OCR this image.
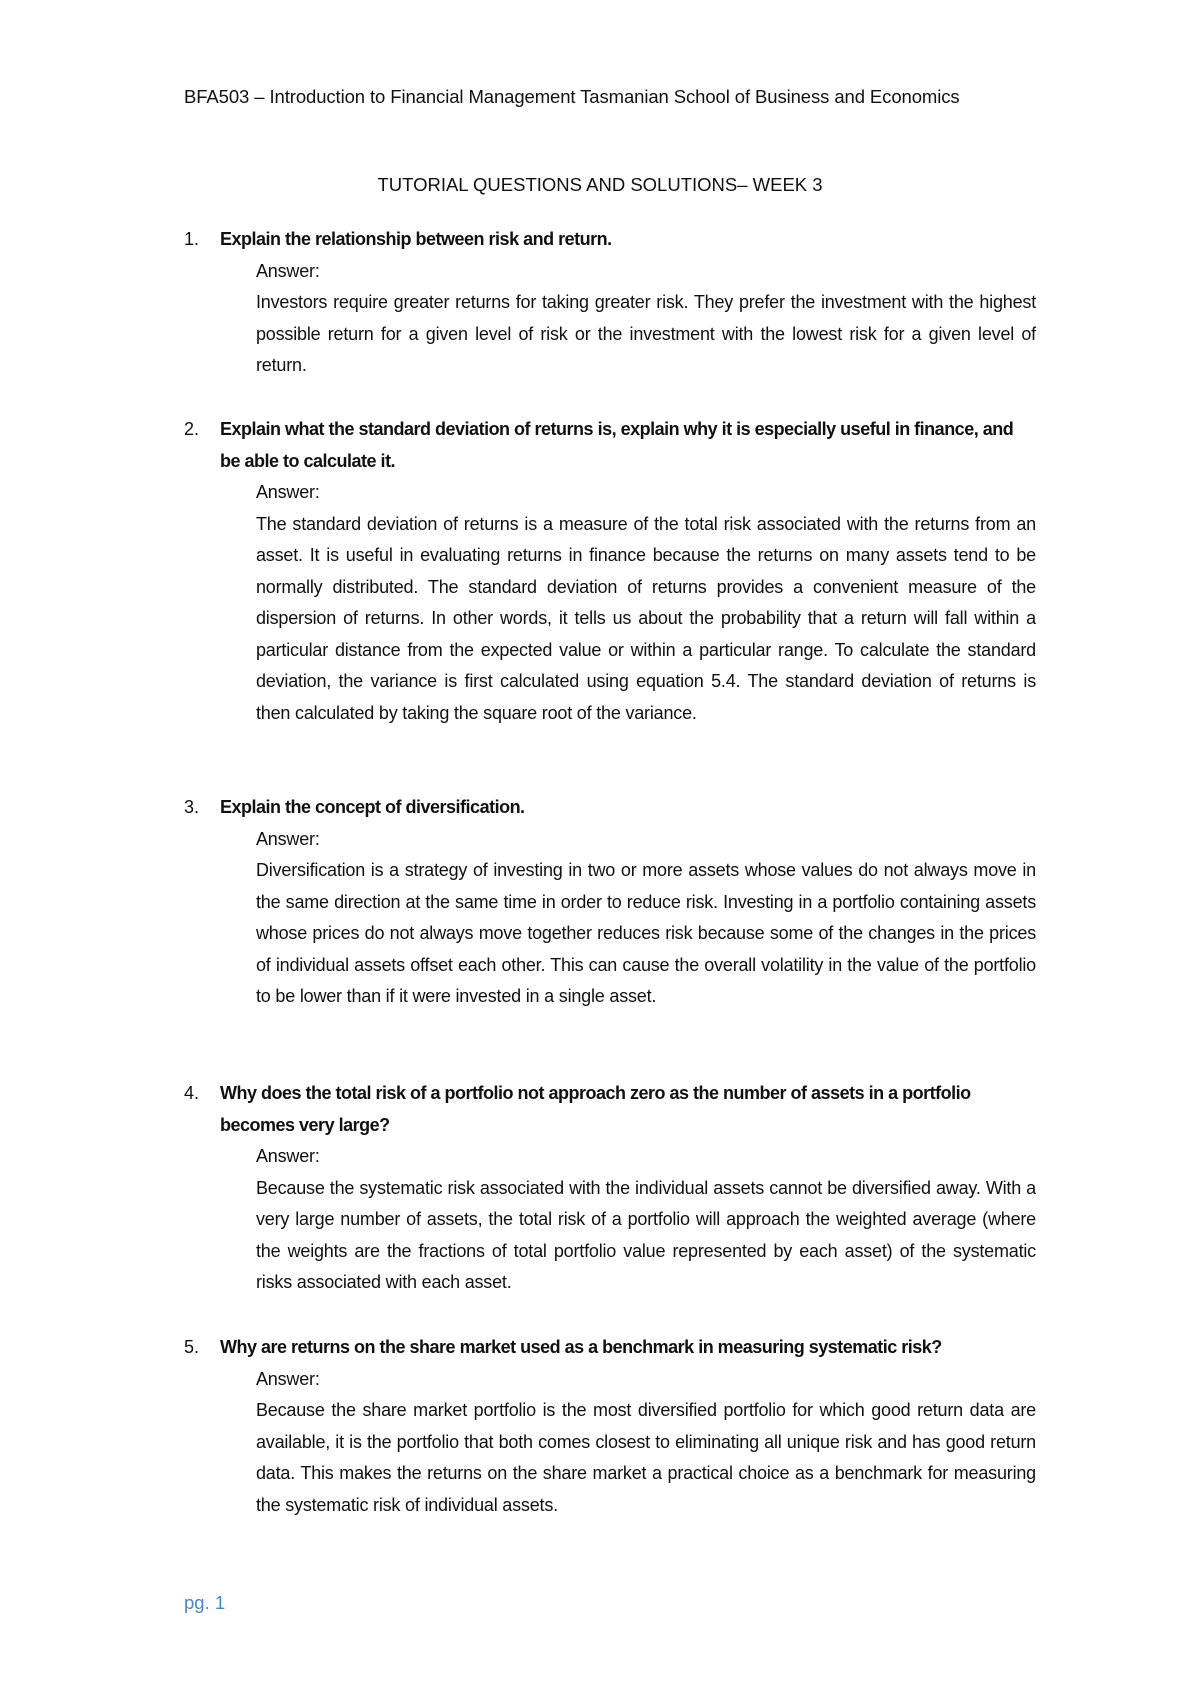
BFA503 – Introduction to Financial Management Tasmanian School of Business and Economics
TUTORIAL QUESTIONS AND SOLUTIONS– WEEK 3
1. Explain the relationship between risk and return.
Answer:
Investors require greater returns for taking greater risk. They prefer the investment with the highest possible return for a given level of risk or the investment with the lowest risk for a given level of return.
2. Explain what the standard deviation of returns is, explain why it is especially useful in finance, and be able to calculate it.
Answer:
The standard deviation of returns is a measure of the total risk associated with the returns from an asset. It is useful in evaluating returns in finance because the returns on many assets tend to be normally distributed. The standard deviation of returns provides a convenient measure of the dispersion of returns. In other words, it tells us about the probability that a return will fall within a particular distance from the expected value or within a particular range. To calculate the standard deviation, the variance is first calculated using equation 5.4. The standard deviation of returns is then calculated by taking the square root of the variance.
3. Explain the concept of diversification.
Answer:
Diversification is a strategy of investing in two or more assets whose values do not always move in the same direction at the same time in order to reduce risk. Investing in a portfolio containing assets whose prices do not always move together reduces risk because some of the changes in the prices of individual assets offset each other. This can cause the overall volatility in the value of the portfolio to be lower than if it were invested in a single asset.
4. Why does the total risk of a portfolio not approach zero as the number of assets in a portfolio becomes very large?
Answer:
Because the systematic risk associated with the individual assets cannot be diversified away. With a very large number of assets, the total risk of a portfolio will approach the weighted average (where the weights are the fractions of total portfolio value represented by each asset) of the systematic risks associated with each asset.
5. Why are returns on the share market used as a benchmark in measuring systematic risk?
Answer:
Because the share market portfolio is the most diversified portfolio for which good return data are available, it is the portfolio that both comes closest to eliminating all unique risk and has good return data. This makes the returns on the share market a practical choice as a benchmark for measuring the systematic risk of individual assets.
pg. 1
